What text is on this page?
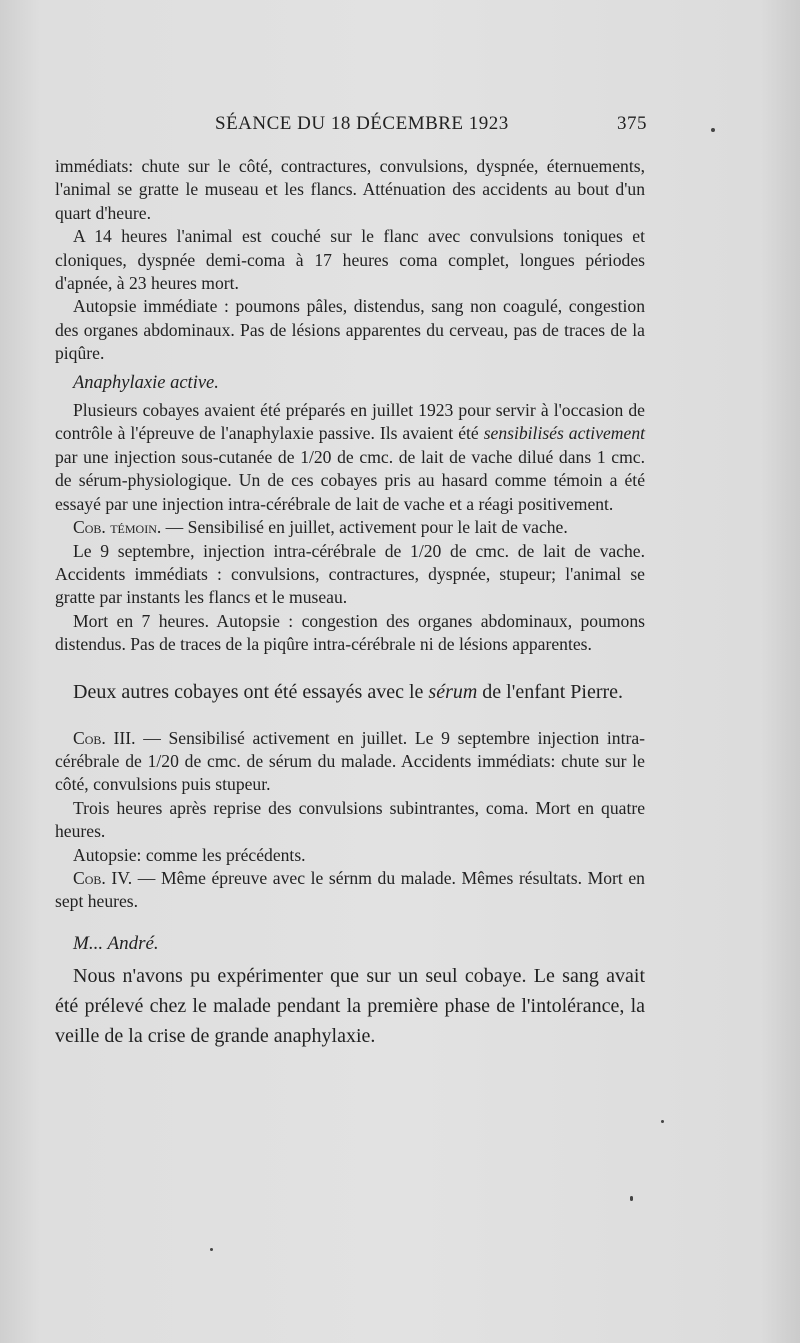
SÉANCE DU 18 DÉCEMBRE 1923	375

immédiats: chute sur le côté, contractures, convulsions, dyspnée, éternuements, l'animal se gratte le museau et les flancs. Atténuation des accidents au bout d'un quart d'heure.

A 14 heures l'animal est couché sur le flanc avec convulsions toniques et cloniques, dyspnée demi-coma à 17 heures coma complet, longues périodes d'apnée, à 23 heures mort.

Autopsie immédiate : poumons pâles, distendus, sang non coagulé, congestion des organes abdominaux. Pas de lésions apparentes du cerveau, pas de traces de la piqûre.

Anaphylaxie active.

Plusieurs cobayes avaient été préparés en juillet 1923 pour servir à l'occasion de contrôle à l'épreuve de l'anaphylaxie passive. Ils avaient été sensibilisés activement par une injection sous-cutanée de 1/20 de cmc. de lait de vache dilué dans 1 cmc. de sérum-physiologique. Un de ces cobayes pris au hasard comme témoin a été essayé par une injection intra-cérébrale de lait de vache et a réagi positivement.

Cob. témoin. — Sensibilisé en juillet, activement pour le lait de vache.

Le 9 septembre, injection intra-cérébrale de 1/20 de cmc. de lait de vache. Accidents immédiats : convulsions, contractures, dyspnée, stupeur; l'animal se gratte par instants les flancs et le museau.

Mort en 7 heures. Autopsie : congestion des organes abdominaux, poumons distendus. Pas de traces de la piqûre intra-cérébrale ni de lésions apparentes.

Deux autres cobayes ont été essayés avec le sérum de l'enfant Pierre.

Cob. III. — Sensibilisé activement en juillet. Le 9 septembre injection intra-cérébrale de 1/20 de cmc. de sérum du malade. Accidents immédiats: chute sur le côté, convulsions puis stupeur.

Trois heures après reprise des convulsions subintrantes, coma. Mort en quatre heures.

Autopsie: comme les précédents.

Cob. IV. — Même épreuve avec le sérnm du malade. Mêmes résultats. Mort en sept heures.

M... André.

Nous n'avons pu expérimenter que sur un seul cobaye. Le sang avait été prélevé chez le malade pendant la première phase de l'intolérance, la veille de la crise de grande anaphylaxie.
